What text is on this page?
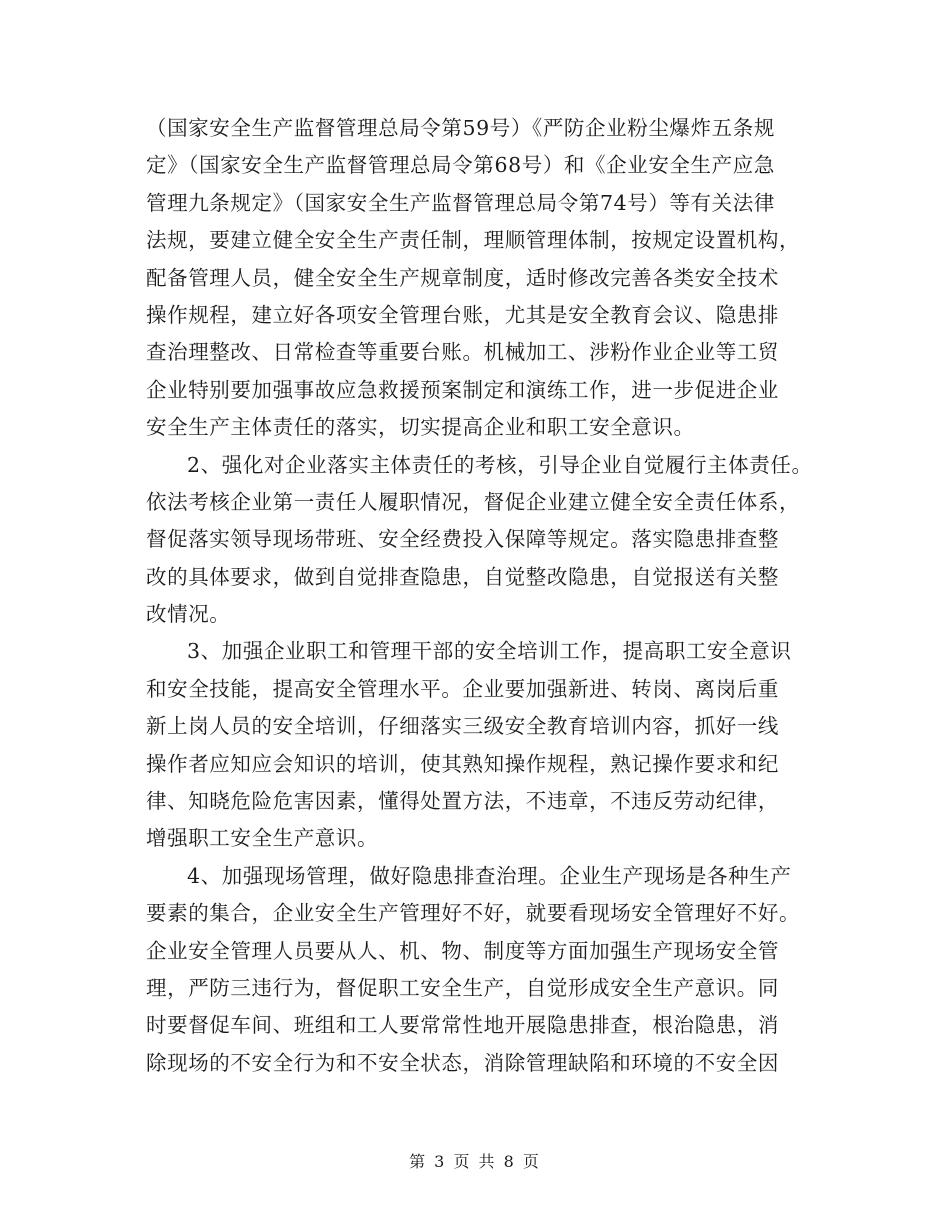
（国家安全生产监督管理总局令第59号）《严防企业粉尘爆炸五条规
定》（国家安全生产监督管理总局令第68号）和《企业安全生产应急
管理九条规定》（国家安全生产监督管理总局令第74号）等有关法律
法规，要建立健全安全生产责任制，理顺管理体制，按规定设置机构，
配备管理人员，健全安全生产规章制度，适时修改完善各类安全技术
操作规程，建立好各项安全管理台账，尤其是安全教育会议、隐患排
查治理整改、日常检查等重要台账。机械加工、涉粉作业企业等工贸
企业特别要加强事故应急救援预案制定和演练工作，进一步促进企业
安全生产主体责任的落实，切实提高企业和职工安全意识。
2、强化对企业落实主体责任的考核，引导企业自觉履行主体责任。
依法考核企业第一责任人履职情况，督促企业建立健全安全责任体系，
督促落实领导现场带班、安全经费投入保障等规定。落实隐患排查整
改的具体要求，做到自觉排查隐患，自觉整改隐患，自觉报送有关整
改情况。
3、加强企业职工和管理干部的安全培训工作，提高职工安全意识
和安全技能，提高安全管理水平。企业要加强新进、转岗、离岗后重
新上岗人员的安全培训，仔细落实三级安全教育培训内容，抓好一线
操作者应知应会知识的培训，使其熟知操作规程，熟记操作要求和纪
律、知晓危险危害因素，懂得处置方法，不违章，不违反劳动纪律，
增强职工安全生产意识。
4、加强现场管理，做好隐患排查治理。企业生产现场是各种生产
要素的集合，企业安全生产管理好不好，就要看现场安全管理好不好。
企业安全管理人员要从人、机、物、制度等方面加强生产现场安全管
理，严防三违行为，督促职工安全生产，自觉形成安全生产意识。同
时要督促车间、班组和工人要常常性地开展隐患排查，根治隐患，消
除现场的不安全行为和不安全状态，消除管理缺陷和环境的不安全因
第 3 页 共 8 页
